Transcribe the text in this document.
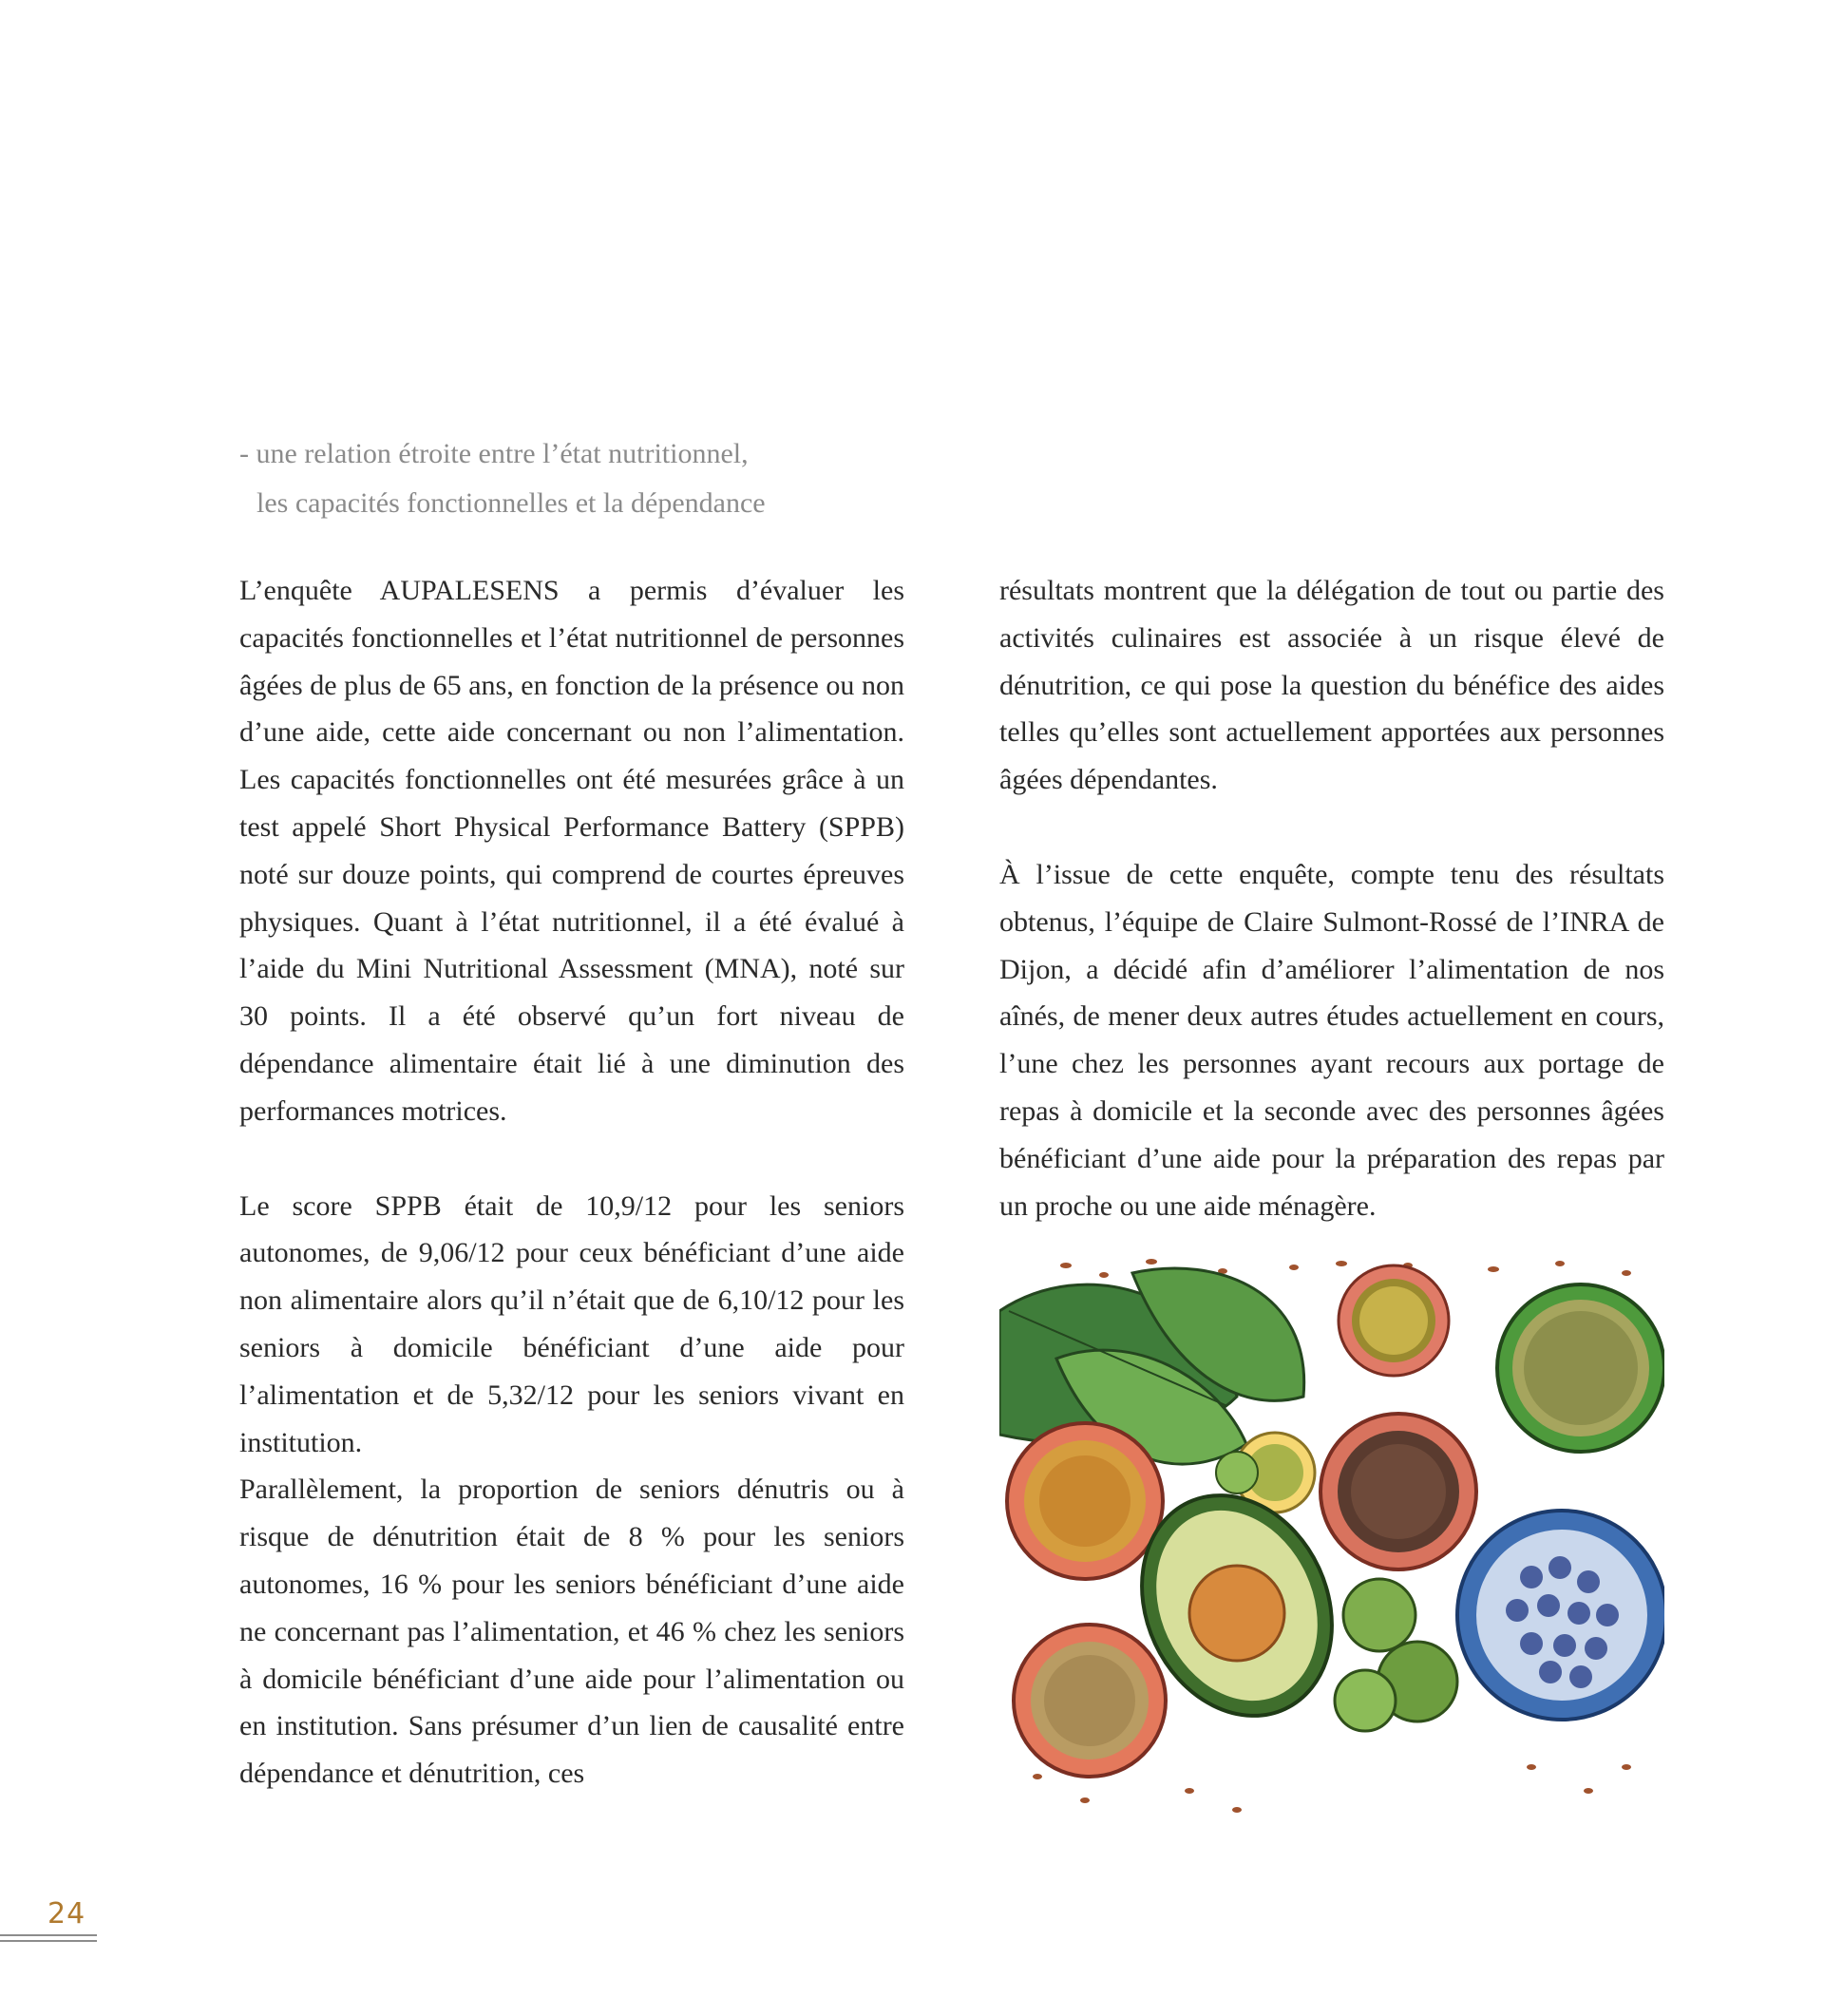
- une relation étroite entre l’état nutritionnel,
les capacités fonctionnelles et la dépendance

L’enquête AUPALESENS a permis d’évaluer les capacités fonctionnelles et l’état nutritionnel de personnes âgées de plus de 65 ans, en fonction de la présence ou non d’une aide, cette aide concernant ou non l’alimentation. Les capacités fonctionnelles ont été mesurées grâce à un test appelé Short Physical Performance Battery (SPPB) noté sur douze points, qui comprend de courtes épreuves physiques. Quant à l’état nutritionnel, il a été évalué à l’aide du Mini Nutritional Assessment (MNA), noté sur 30 points. Il a été observé qu’un fort niveau de dépendance alimentaire était lié à une diminution des performances motrices.

Le score SPPB était de 10,9/12 pour les seniors autonomes, de 9,06/12 pour ceux bénéficiant d’une aide non alimentaire alors qu’il n’était que de 6,10/12 pour les seniors à domicile bénéficiant d’une aide pour l’alimentation et de 5,32/12 pour les seniors vivant en institution.

Parallèlement, la proportion de seniors dénutris ou à risque de dénutrition était de 8 % pour les seniors autonomes, 16 % pour les seniors bénéficiant d’une aide ne concernant pas l’alimentation, et 46 % chez les seniors à domicile bénéficiant d’une aide pour l’alimentation ou en institution. Sans présumer d’un lien de causalité entre dépendance et dénutrition, ces

résultats montrent que la délégation de tout ou partie des activités culinaires est associée à un risque élevé de dénutrition, ce qui pose la question du bénéfice des aides telles qu’elles sont actuellement apportées aux personnes âgées dépendantes.

À l’issue de cette enquête, compte tenu des résultats obtenus, l’équipe de Claire Sulmont-Rossé de l’INRA de Dijon, a décidé afin d’améliorer l’alimentation de nos aînés, de mener deux autres études actuellement en cours, l’une chez les personnes ayant recours aux portage de repas à domicile et la seconde avec des personnes âgées bénéficiant d’une aide pour la préparation des repas par un proche ou une aide ménagère.

24
